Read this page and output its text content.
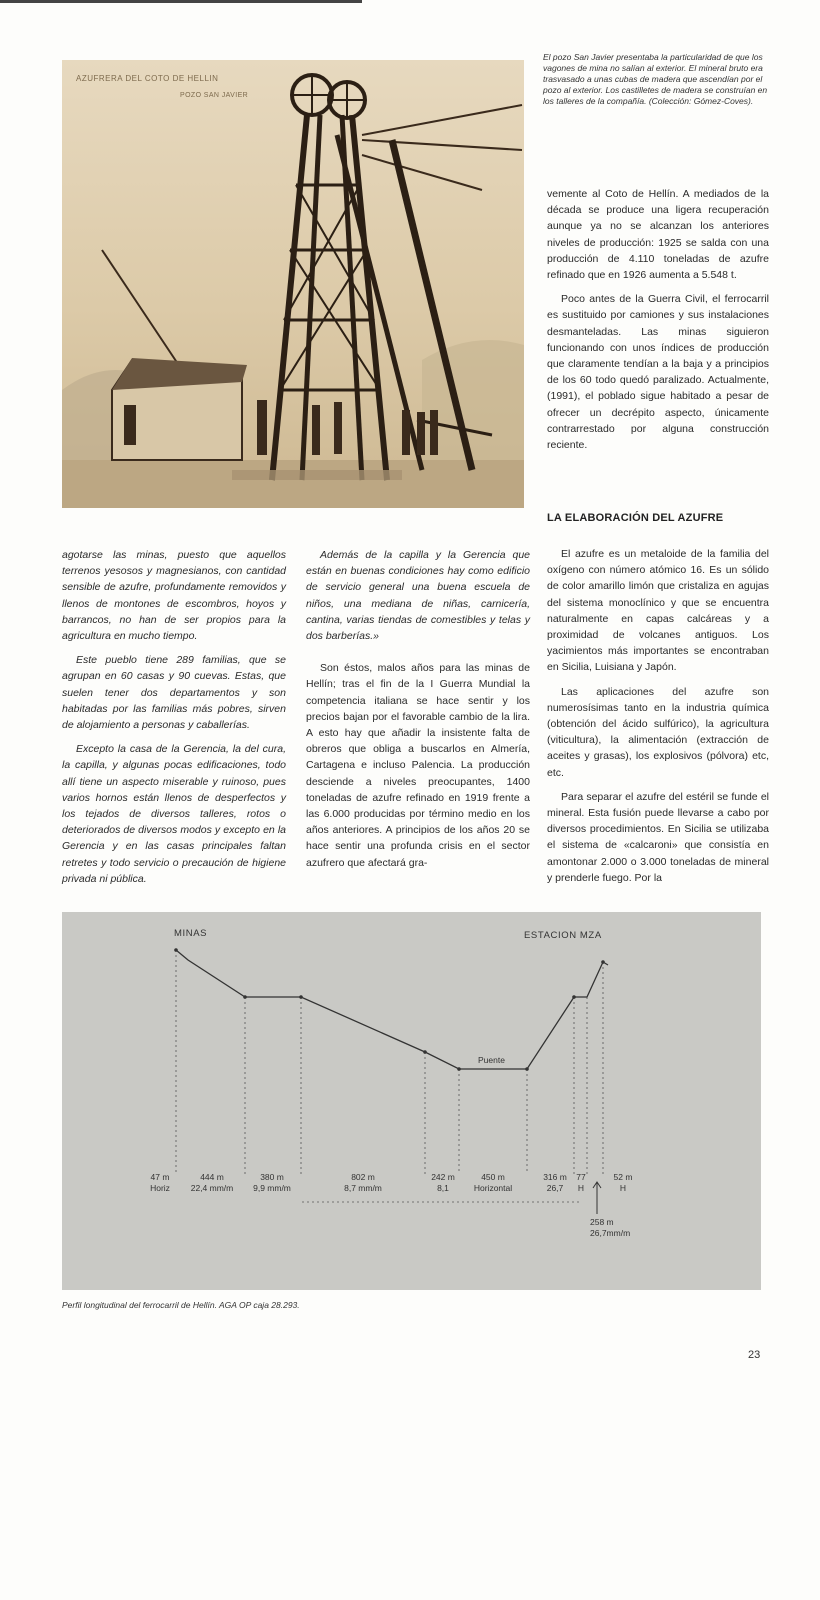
AZUFRERA DEL COTO DE HELLIN
POZO SAN JAVIER
El pozo San Javier presentaba la particularidad de que los vagones de mina no salían al exterior. El mineral bruto era trasvasado a unas cubas de madera que ascendían por el pozo al exterior. Los castilletes de madera se construían en los talleres de la compañía. (Colección: Gómez-Coves).

vemente al Coto de Hellín. A mediados de la década se produce una ligera recuperación aunque ya no se alcanzan los anteriores niveles de producción: 1925 se salda con una producción de 4.110 toneladas de azufre refinado que en 1926 aumenta a 5.548 t.

Poco antes de la Guerra Civil, el ferrocarril es sustituido por camiones y sus instalaciones desmanteladas. Las minas siguieron funcionando con unos índices de producción que claramente tendían a la baja y a principios de los 60 todo quedó paralizado. Actualmente, (1991), el poblado sigue habitado a pesar de ofrecer un decrépito aspecto, únicamente contrarrestado por alguna construcción reciente.

LA ELABORACIÓN DEL AZUFRE

agotarse las minas, puesto que aquellos terrenos yesosos y magnesianos, con cantidad sensible de azufre, profundamente removidos y llenos de montones de escombros, hoyos y barrancos, no han de ser propios para la agricultura en mucho tiempo.

Este pueblo tiene 289 familias, que se agrupan en 60 casas y 90 cuevas. Estas, que suelen tener dos departamentos y son habitadas por las familias más pobres, sirven de alojamiento a personas y caballerías.

Excepto la casa de la Gerencia, la del cura, la capilla, y algunas pocas edificaciones, todo allí tiene un aspecto miserable y ruinoso, pues varios hornos están llenos de desperfectos y los tejados de diversos talleres, rotos o deteriorados de diversos modos y excepto en la Gerencia y en las casas principales faltan retretes y todo servicio o precaución de higiene privada ni pública.

Además de la capilla y la Gerencia que están en buenas condiciones hay como edificio de servicio general una buena escuela de niños, una mediana de niñas, carnicería, cantina, varias tiendas de comestibles y telas y dos barberías.»

Son éstos, malos años para las minas de Hellín; tras el fin de la I Guerra Mundial la competencia italiana se hace sentir y los precios bajan por el favorable cambio de la lira. A esto hay que añadir la insistente falta de obreros que obliga a buscarlos en Almería, Cartagena e incluso Palencia. La producción desciende a niveles preocupantes, 1400 toneladas de azufre refinado en 1919 frente a las 6.000 producidas por término medio en los años anteriores. A principios de los años 20 se hace sentir una profunda crisis en el sector azufrero que afectará gra-

El azufre es un metaloide de la familia del oxígeno con número atómico 16. Es un sólido de color amarillo limón que cristaliza en agujas del sistema monoclínico y que se encuentra naturalmente en capas calcáreas y a proximidad de volcanes antiguos. Los yacimientos más importantes se encontraban en Sicilia, Luisiana y Japón.

Las aplicaciones del azufre son numerosísimas tanto en la industria química (obtención del ácido sulfúrico), la agricultura (viticultura), la alimentación (extracción de aceites y grasas), los explosivos (pólvora) etc, etc.

Para separar el azufre del estéril se funde el mineral. Esta fusión puede llevarse a cabo por diversos procedimientos. En Sicilia se utilizaba el sistema de «calcaroni» que consistía en amontonar 2.000 o 3.000 toneladas de mineral y prenderle fuego. Por la

MINAS	ESTACION MZA
Puente
47 m
Horiz
444 m
22,4 mm/m
380 m
9,9 mm/m
802 m
8,7 mm/m
242 m
8,1
450 m
Horizontal
316 m
26,7
77
H
52 m
H
258 m
26,7mm/m
Perfil longitudinal del ferrocarril de Hellín. AGA OP caja 28.293.
23
